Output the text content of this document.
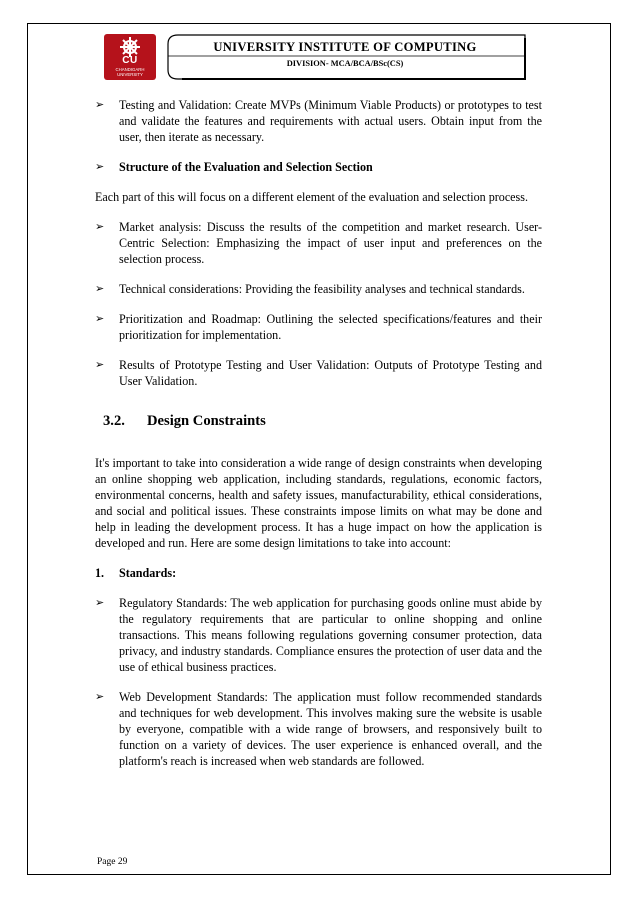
CU
CHANDIGARH
UNIVERSITY
UNIVERSITY INSTITUTE OF COMPUTING
DIVISION- MCA/BCA/BSc(CS)
➢ Testing and Validation: Create MVPs (Minimum Viable Products) or prototypes to test and validate the features and requirements with actual users. Obtain input from the user, then iterate as necessary.
➢ Structure of the Evaluation and Selection Section
Each part of this will focus on a different element of the evaluation and selection process.
➢ Market analysis: Discuss the results of the competition and market research. User-Centric Selection: Emphasizing the impact of user input and preferences on the selection process.
➢ Technical considerations: Providing the feasibility analyses and technical standards.
➢ Prioritization and Roadmap: Outlining the selected specifications/features and their prioritization for implementation.
➢ Results of Prototype Testing and User Validation: Outputs of Prototype Testing and User Validation.
3.2. Design Constraints
It's important to take into consideration a wide range of design constraints when developing an online shopping web application, including standards, regulations, economic factors, environmental concerns, health and safety issues, manufacturability, ethical considerations, and social and political issues. These constraints impose limits on what may be done and help in leading the development process. It has a huge impact on how the application is developed and run. Here are some design limitations to take into account:
1. Standards:
➢ Regulatory Standards: The web application for purchasing goods online must abide by the regulatory requirements that are particular to online shopping and online transactions. This means following regulations governing consumer protection, data privacy, and industry standards. Compliance ensures the protection of user data and the use of ethical business practices.
➢ Web Development Standards: The application must follow recommended standards and techniques for web development. This involves making sure the website is usable by everyone, compatible with a wide range of browsers, and responsively built to function on a variety of devices. The user experience is enhanced overall, and the platform's reach is increased when web standards are followed.
Page 29
